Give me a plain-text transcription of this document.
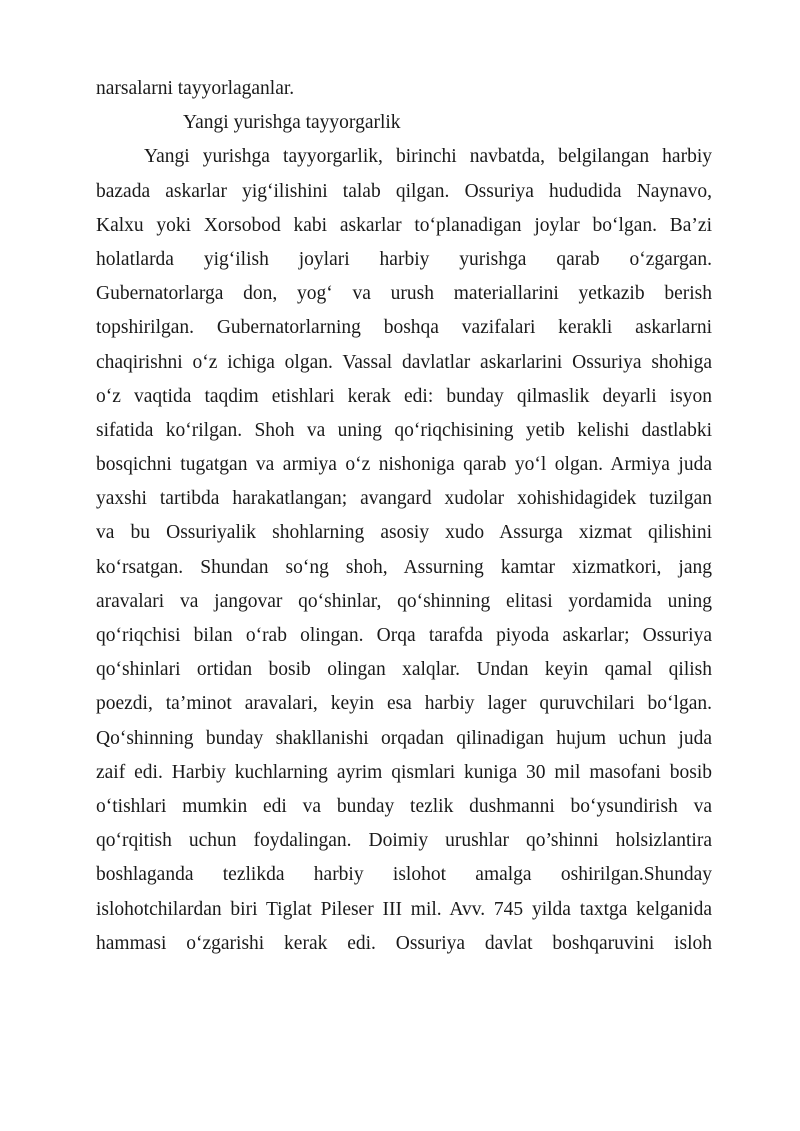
narsalarni tayyorlaganlar.

Yangi yurishga tayyorgarlik

Yangi yurishga tayyorgarlik, birinchi navbatda, belgilangan harbiy

bazada askarlar yig‘ilishini talab qilgan. Ossuriya hududida Naynavo,

Kalxu yoki Xorsobod kabi askarlar to‘planadigan joylar bo‘lgan. Ba’zi

holatlarda yig‘ilish joylari harbiy yurishga qarab o‘zgargan.

Gubernatorlarga don, yog‘ va urush materiallarini yetkazib berish

topshirilgan. Gubernatorlarning boshqa vazifalari kerakli askarlarni

chaqirishni o‘z ichiga olgan. Vassal davlatlar askarlarini Ossuriya shohiga

o‘z vaqtida taqdim etishlari kerak edi: bunday qilmaslik deyarli isyon

sifatida ko‘rilgan. Shoh va uning qo‘riqchisining yetib kelishi dastlabki

bosqichni tugatgan va armiya o‘z nishoniga qarab yo‘l olgan. Armiya juda

yaxshi tartibda harakatlangan; avangard xudolar xohishidagidek tuzilgan

va bu Ossuriyalik shohlarning asosiy xudo Assurga xizmat qilishini

ko‘rsatgan. Shundan so‘ng shoh, Assurning kamtar xizmatkori, jang

aravalari va jangovar qo‘shinlar, qo‘shinning elitasi yordamida uning

qo‘riqchisi bilan o‘rab olingan. Orqa tarafda piyoda askarlar; Ossuriya

qo‘shinlari ortidan bosib olingan xalqlar. Undan keyin qamal qilish

poezdi, ta’minot aravalari, keyin esa harbiy lager quruvchilari bo‘lgan.

Qo‘shinning bunday shakllanishi orqadan qilinadigan hujum uchun juda

zaif edi. Harbiy kuchlarning ayrim qismlari kuniga 30 mil masofani bosib

o‘tishlari mumkin edi va bunday tezlik dushmanni bo‘ysundirish va

qo‘rqitish uchun foydalingan. Doimiy urushlar qo’shinni holsizlantira

boshlaganda tezlikda harbiy islohot amalga oshirilgan.Shunday

islohotchilardan biri Tiglat Pileser III mil. Avv. 745 yilda taxtga kelganida

hammasi o‘zgarishi kerak edi. Ossuriya davlat boshqaruvini isloh
